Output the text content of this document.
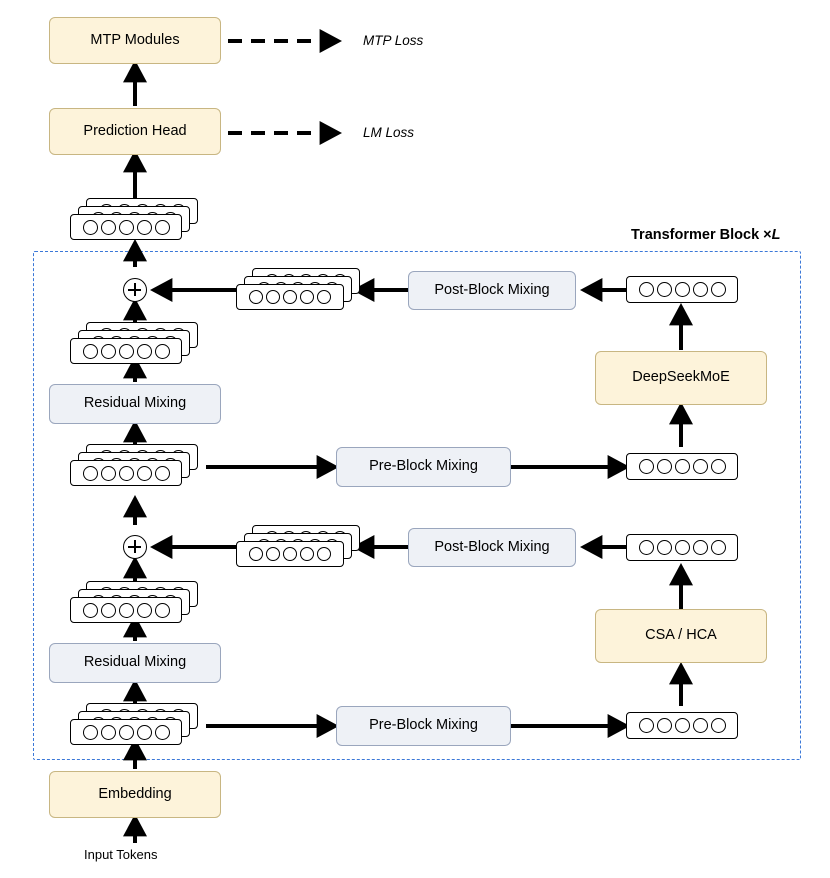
Transformer Block ×L
MTP Modules
Prediction Head
Post-Block Mixing
DeepSeekMoE
Residual Mixing
Pre-Block Mixing
Post-Block Mixing
CSA / HCA
Residual Mixing
Pre-Block Mixing
Embedding
MTP Loss
LM Loss
Input Tokens
